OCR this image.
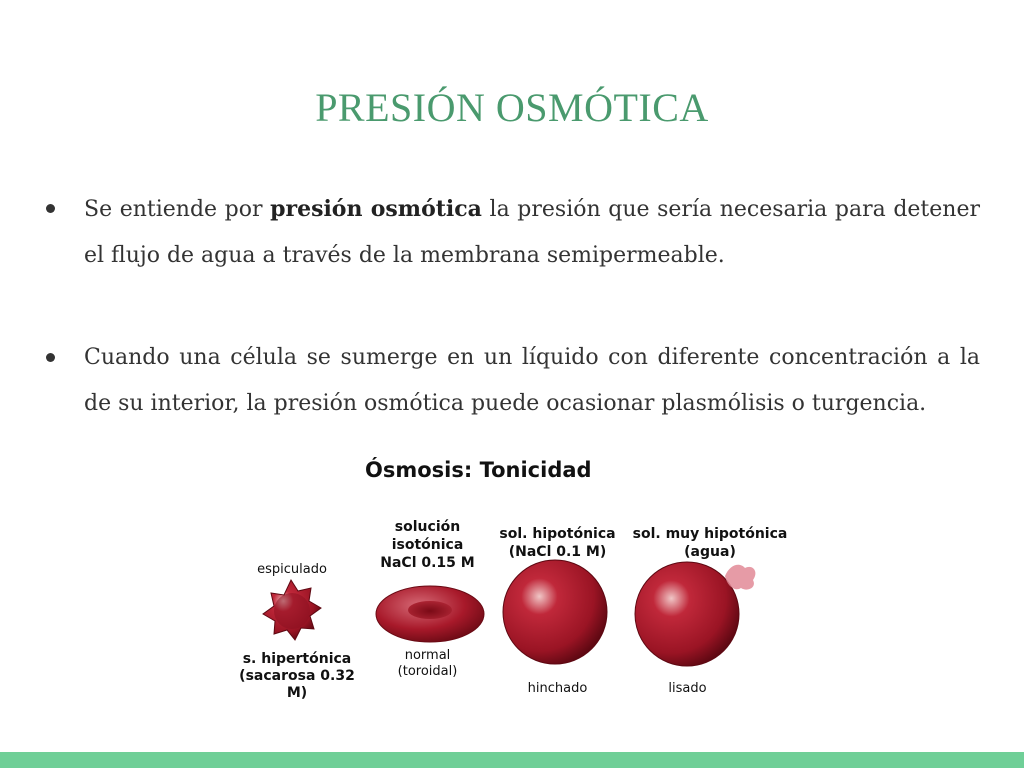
PRESIÓN OSMÓTICA
Se entiende por presión osmótica la presión que sería necesaria para detener el flujo de agua a través de la membrana semipermeable.
Cuando una célula se sumerge en un líquido con diferente concentración a la de su interior, la presión osmótica puede ocasionar plasmólisis o turgencia.
Ósmosis: Tonicidad
espiculado
s. hipertónica
(sacarosa 0.32 M)
solución
isotónica
NaCl 0.15 M
normal
(toroidal)
sol. hipotónica
(NaCl 0.1 M)
hinchado
sol. muy hipotónica
(agua)
lisado
